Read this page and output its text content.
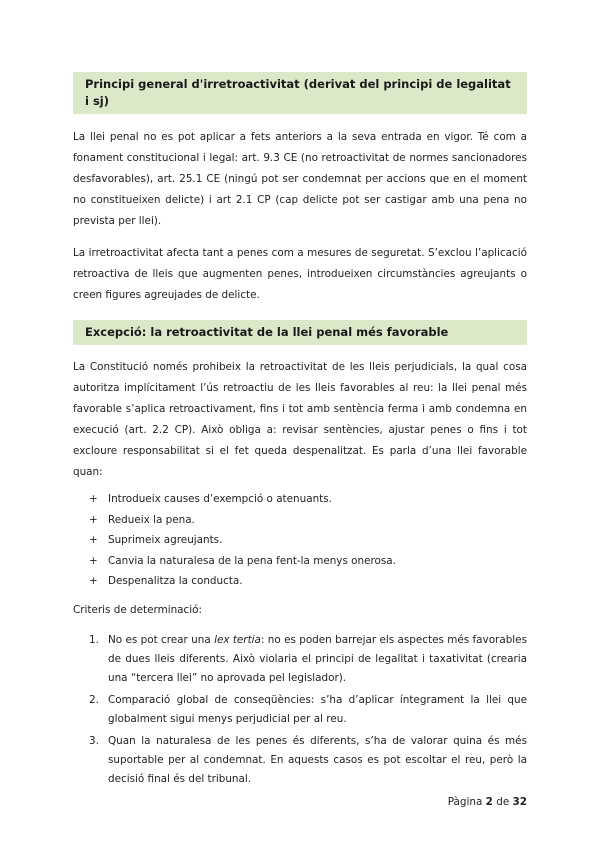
Principi general d'irretroactivitat (derivat del principi de legalitat i sj)

La llei penal no es pot aplicar a fets anteriors a la seva entrada en vigor. Té com a fonament constitucional i legal: art. 9.3 CE (no retroactivitat de normes sancionadores desfavorables), art. 25.1 CE (ningú pot ser condemnat per accions que en el moment no constitueixen delicte) i art 2.1 CP (cap delicte pot ser castigar amb una pena no prevista per llei).

La irretroactivitat afecta tant a penes com a mesures de seguretat. S’exclou l’aplicació retroactiva de lleis que augmenten penes, introdueixen circumstàncies agreujants o creen figures agreujades de delicte.

Excepció: la retroactivitat de la llei penal més favorable

La Constitució només prohibeix la retroactivitat de les lleis perjudicials, la qual cosa autoritza implícitament l’ús retroactiu de les lleis favorables al reu: la llei penal més favorable s’aplica retroactivament, fins i tot amb sentència ferma i amb condemna en execució (art. 2.2 CP). Això obliga a: revisar sentències, ajustar penes o fins i tot excloure responsabilitat si el fet queda despenalitzat. Es parla d’una llei favorable quan:

+ Introdueix causes d’exempció o atenuants.
+ Redueix la pena.
+ Suprimeix agreujants.
+ Canvia la naturalesa de la pena fent-la menys onerosa.
+ Despenalitza la conducta.

Criteris de determinació:

1. No es pot crear una lex tertia: no es poden barrejar els aspectes més favorables de dues lleis diferents. Això violaria el principi de legalitat i taxativitat (crearia una “tercera llei” no aprovada pel legislador).
2. Comparació global de conseqüències: s’ha d’aplicar íntegrament la llei que globalment sigui menys perjudicial per al reu.
3. Quan la naturalesa de les penes és diferents, s’ha de valorar quina és més suportable per al condemnat. En aquests casos es pot escoltar el reu, però la decisió final és del tribunal.
Pàgina 2 de 32
